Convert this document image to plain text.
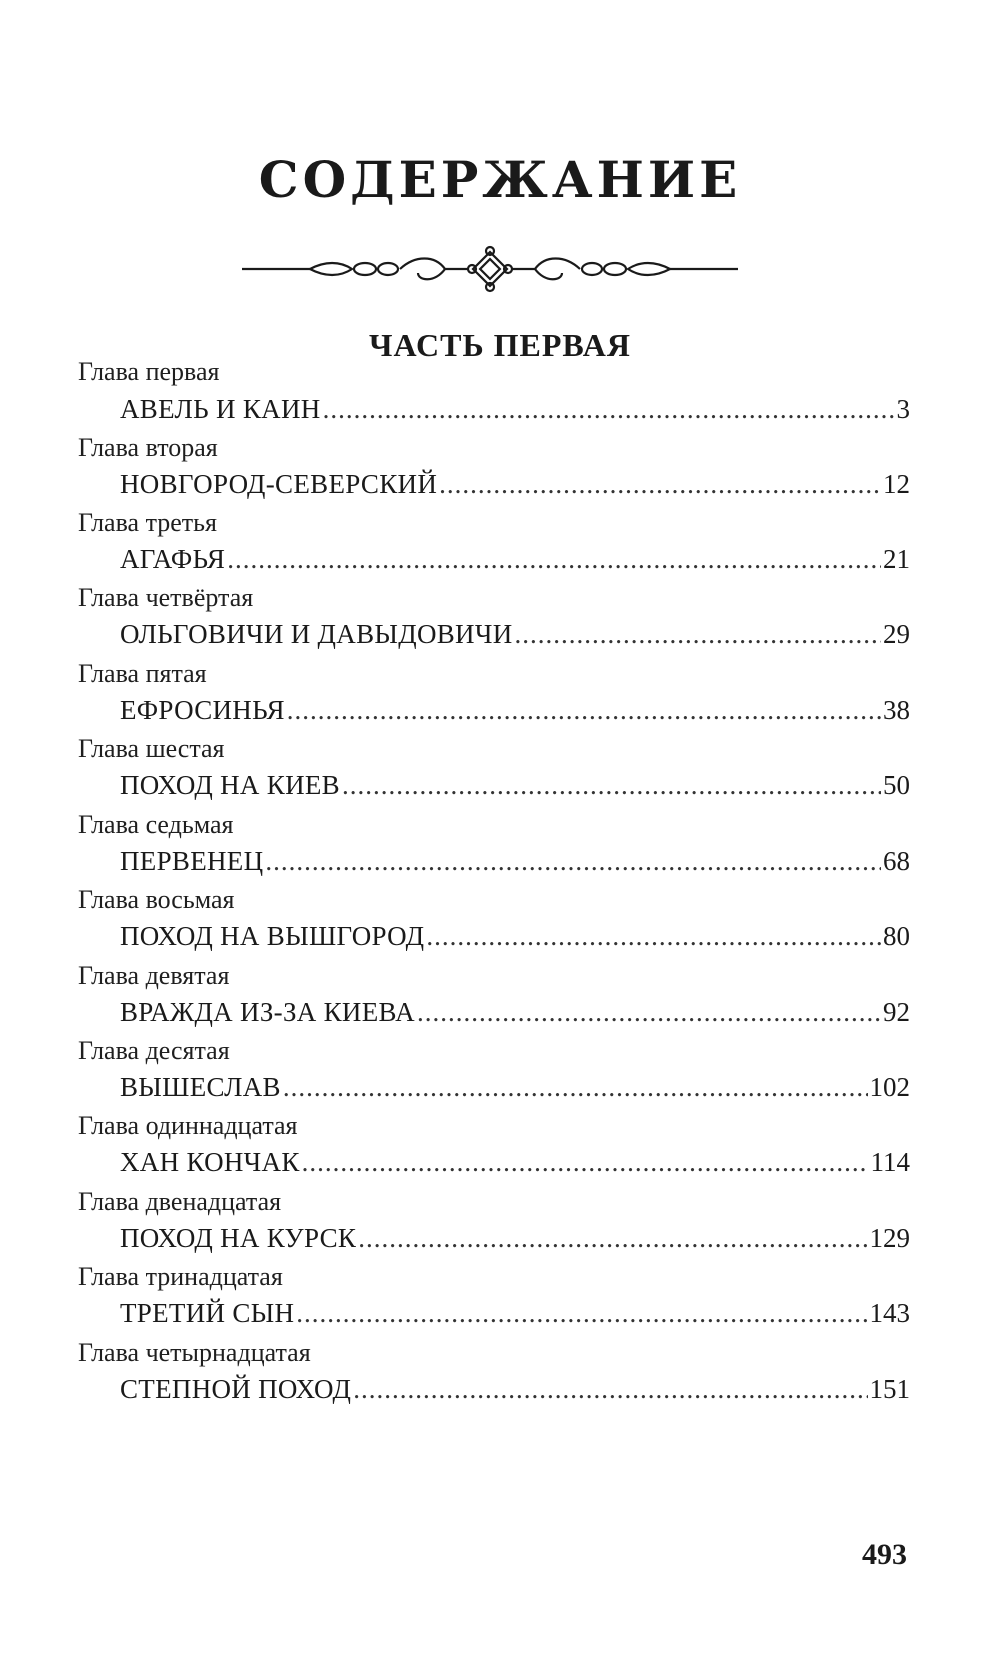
СОДЕРЖАНИЕ
ЧАСТЬ ПЕРВАЯ
Глава первая
АВЕЛЬ И КАИН .....	3
Глава вторая
НОВГОРОД-СЕВЕРСКИЙ .....	12
Глава третья
АГАФЬЯ .....	21
Глава четвёртая
ОЛЬГОВИЧИ И ДАВЫДОВИЧИ .....	29
Глава пятая
ЕФРОСИНЬЯ .....	38
Глава шестая
ПОХОД НА КИЕВ .....	50
Глава седьмая
ПЕРВЕНЕЦ .....	68
Глава восьмая
ПОХОД НА ВЫШГОРОД .....	80
Глава девятая
ВРАЖДА ИЗ-ЗА КИЕВА .....	92
Глава десятая
ВЫШЕСЛАВ .....	102
Глава одиннадцатая
ХАН КОНЧАК .....	114
Глава двенадцатая
ПОХОД НА КУРСК .....	129
Глава тринадцатая
ТРЕТИЙ СЫН .....	143
Глава четырнадцатая
СТЕПНОЙ ПОХОД .....	151
493
